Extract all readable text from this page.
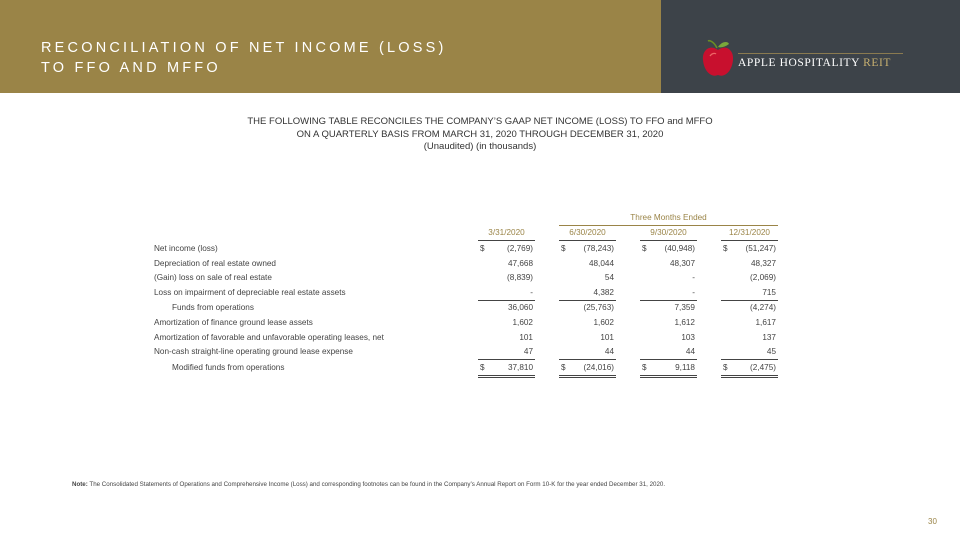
RECONCILIATION OF NET INCOME (LOSS)
TO FFO AND MFFO	APPLE HOSPITALITY REIT
THE FOLLOWING TABLE RECONCILES THE COMPANY’S GAAP NET INCOME (LOSS) TO FFO and MFFO
ON A QUARTERLY BASIS FROM MARCH 31, 2020 THROUGH DECEMBER 31, 2020
(Unaudited) (in thousands)
			Three Months Ended				
	3/31/2020		6/30/2020		9/30/2020		12/31/2020
Net income (loss)	$ (2,769)		$ (78,243)		$ (40,948)		$ (51,247)

Depreciation of real estate owned	47,668		48,044		48,307		48,327

(Gain) loss on sale of real estate	(8,839)		54		-		(2,069)

Loss on impairment of depreciable real estate assets	-		4,382		-		715

Funds from operations	36,060		(25,763)		7,359		(4,274)

Amortization of finance ground lease assets	1,602		1,602		1,612		1,617

Amortization of favorable and unfavorable operating leases, net	101		101		103		137

Non-cash straight-line operating ground lease expense	47		44		44		45

Modified funds from operations	$ 37,810		$ (24,016)		$ 9,118		$ (2,475)
Note: The Consolidated Statements of Operations and Comprehensive Income (Loss) and corresponding footnotes can be found in the Company’s Annual Report on Form 10-K for the year ended December 31, 2020.
30
